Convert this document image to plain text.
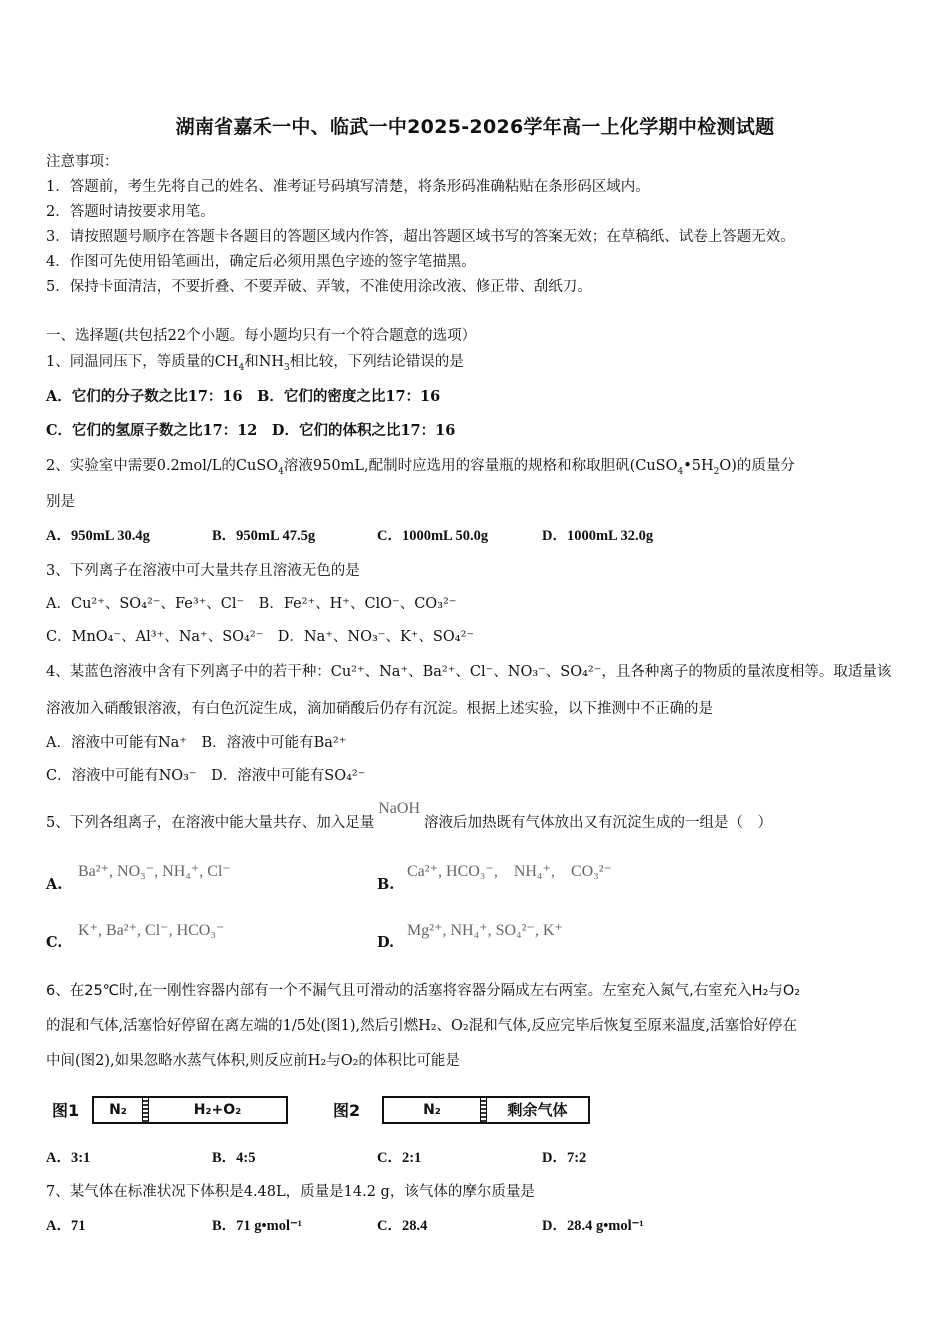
湖南省嘉禾一中、临武一中2025-2026学年高一上化学期中检测试题
注意事项：
1．答题前，考生先将自己的姓名、准考证号码填写清楚，将条形码准确粘贴在条形码区域内。
2．答题时请按要求用笔。
3．请按照题号顺序在答题卡各题目的答题区域内作答，超出答题区域书写的答案无效；在草稿纸、试卷上答题无效。
4．作图可先使用铅笔画出，确定后必须用黑色字迹的签字笔描黑。
5．保持卡面清洁，不要折叠、不要弄破、弄皱，不准使用涂改液、修正带、刮纸刀。
一、选择题(共包括22个小题。每小题均只有一个符合题意的选项）
1、同温同压下，等质量的$CH_4$和$NH_3$相比较，下列结论错误的是
A．它们的分子数之比17：16　B．它们的密度之比17：16
C．它们的氢原子数之比17：12　D．它们的体积之比17：16
2、实验室中需要0.2mol/L的CuSO$_4$溶液950mL,配制时应选用的容量瓶的规格和称取胆矾$(CuSO_4•5H_2O)$的质量分
别是
A．950mL 30.4g	B．950mL 47.5g	C．1000mL 50.0g	D．1000mL 32.0g
3、下列离子在溶液中可大量共存且溶液无色的是
A．Cu²⁺、SO₄²⁻、Fe³⁺、Cl⁻　B．Fe²⁺、H⁺、ClO⁻、CO₃²⁻
C．MnO₄⁻、Al³⁺、Na⁺、SO₄²⁻　D．Na⁺、NO₃⁻、K⁺、SO₄²⁻
4、某蓝色溶液中含有下列离子中的若干种：Cu²⁺、Na⁺、Ba²⁺、Cl⁻、NO₃⁻、SO₄²⁻，且各种离子的物质的量浓度相等。取适量该
溶液加入硝酸银溶液，有白色沉淀生成，滴加硝酸后仍存有沉淀。根据上述实验，以下推测中不正确的是
A．溶液中可能有Na⁺　B．溶液中可能有Ba²⁺
C．溶液中可能有NO₃⁻　D．溶液中可能有SO₄²⁻
5、下列各组离子，在溶液中能大量共存、加入足量NaOH溶液后加热既有气体放出又有沉淀生成的一组是（　）
A.
Ba²⁺, NO₃⁻, NH₄⁺, Cl⁻
B.
Ca²⁺, HCO₃⁻,　NH₄⁺,　CO₃²⁻
C.
K⁺, Ba²⁺, Cl⁻, HCO₃⁻
D.
Mg²⁺, NH₄⁺, SO₄²⁻, K⁺
6、在25℃时,在一刚性容器内部有一个不漏气且可滑动的活塞将容器分隔成左右两室。左室充入氮气,右室充入H₂与O₂
的混和气体,活塞恰好停留在离左端的1/5处(图1),然后引燃H₂、O₂混和气体,反应完毕后恢复至原来温度,活塞恰好停在
中间(图2),如果忽略水蒸气体积,则反应前H₂与O₂的体积比可能是
图1	N₂	H₂+O₂	图2	N₂	剩余气体
A．3:1	B．4:5	C．2:1	D．7:2
7、某气体在标准状况下体积是4.48L，质量是14.2 g，该气体的摩尔质量是
A．71	B．71 g•mol⁻¹	C．28.4	D．28.4 g•mol⁻¹
